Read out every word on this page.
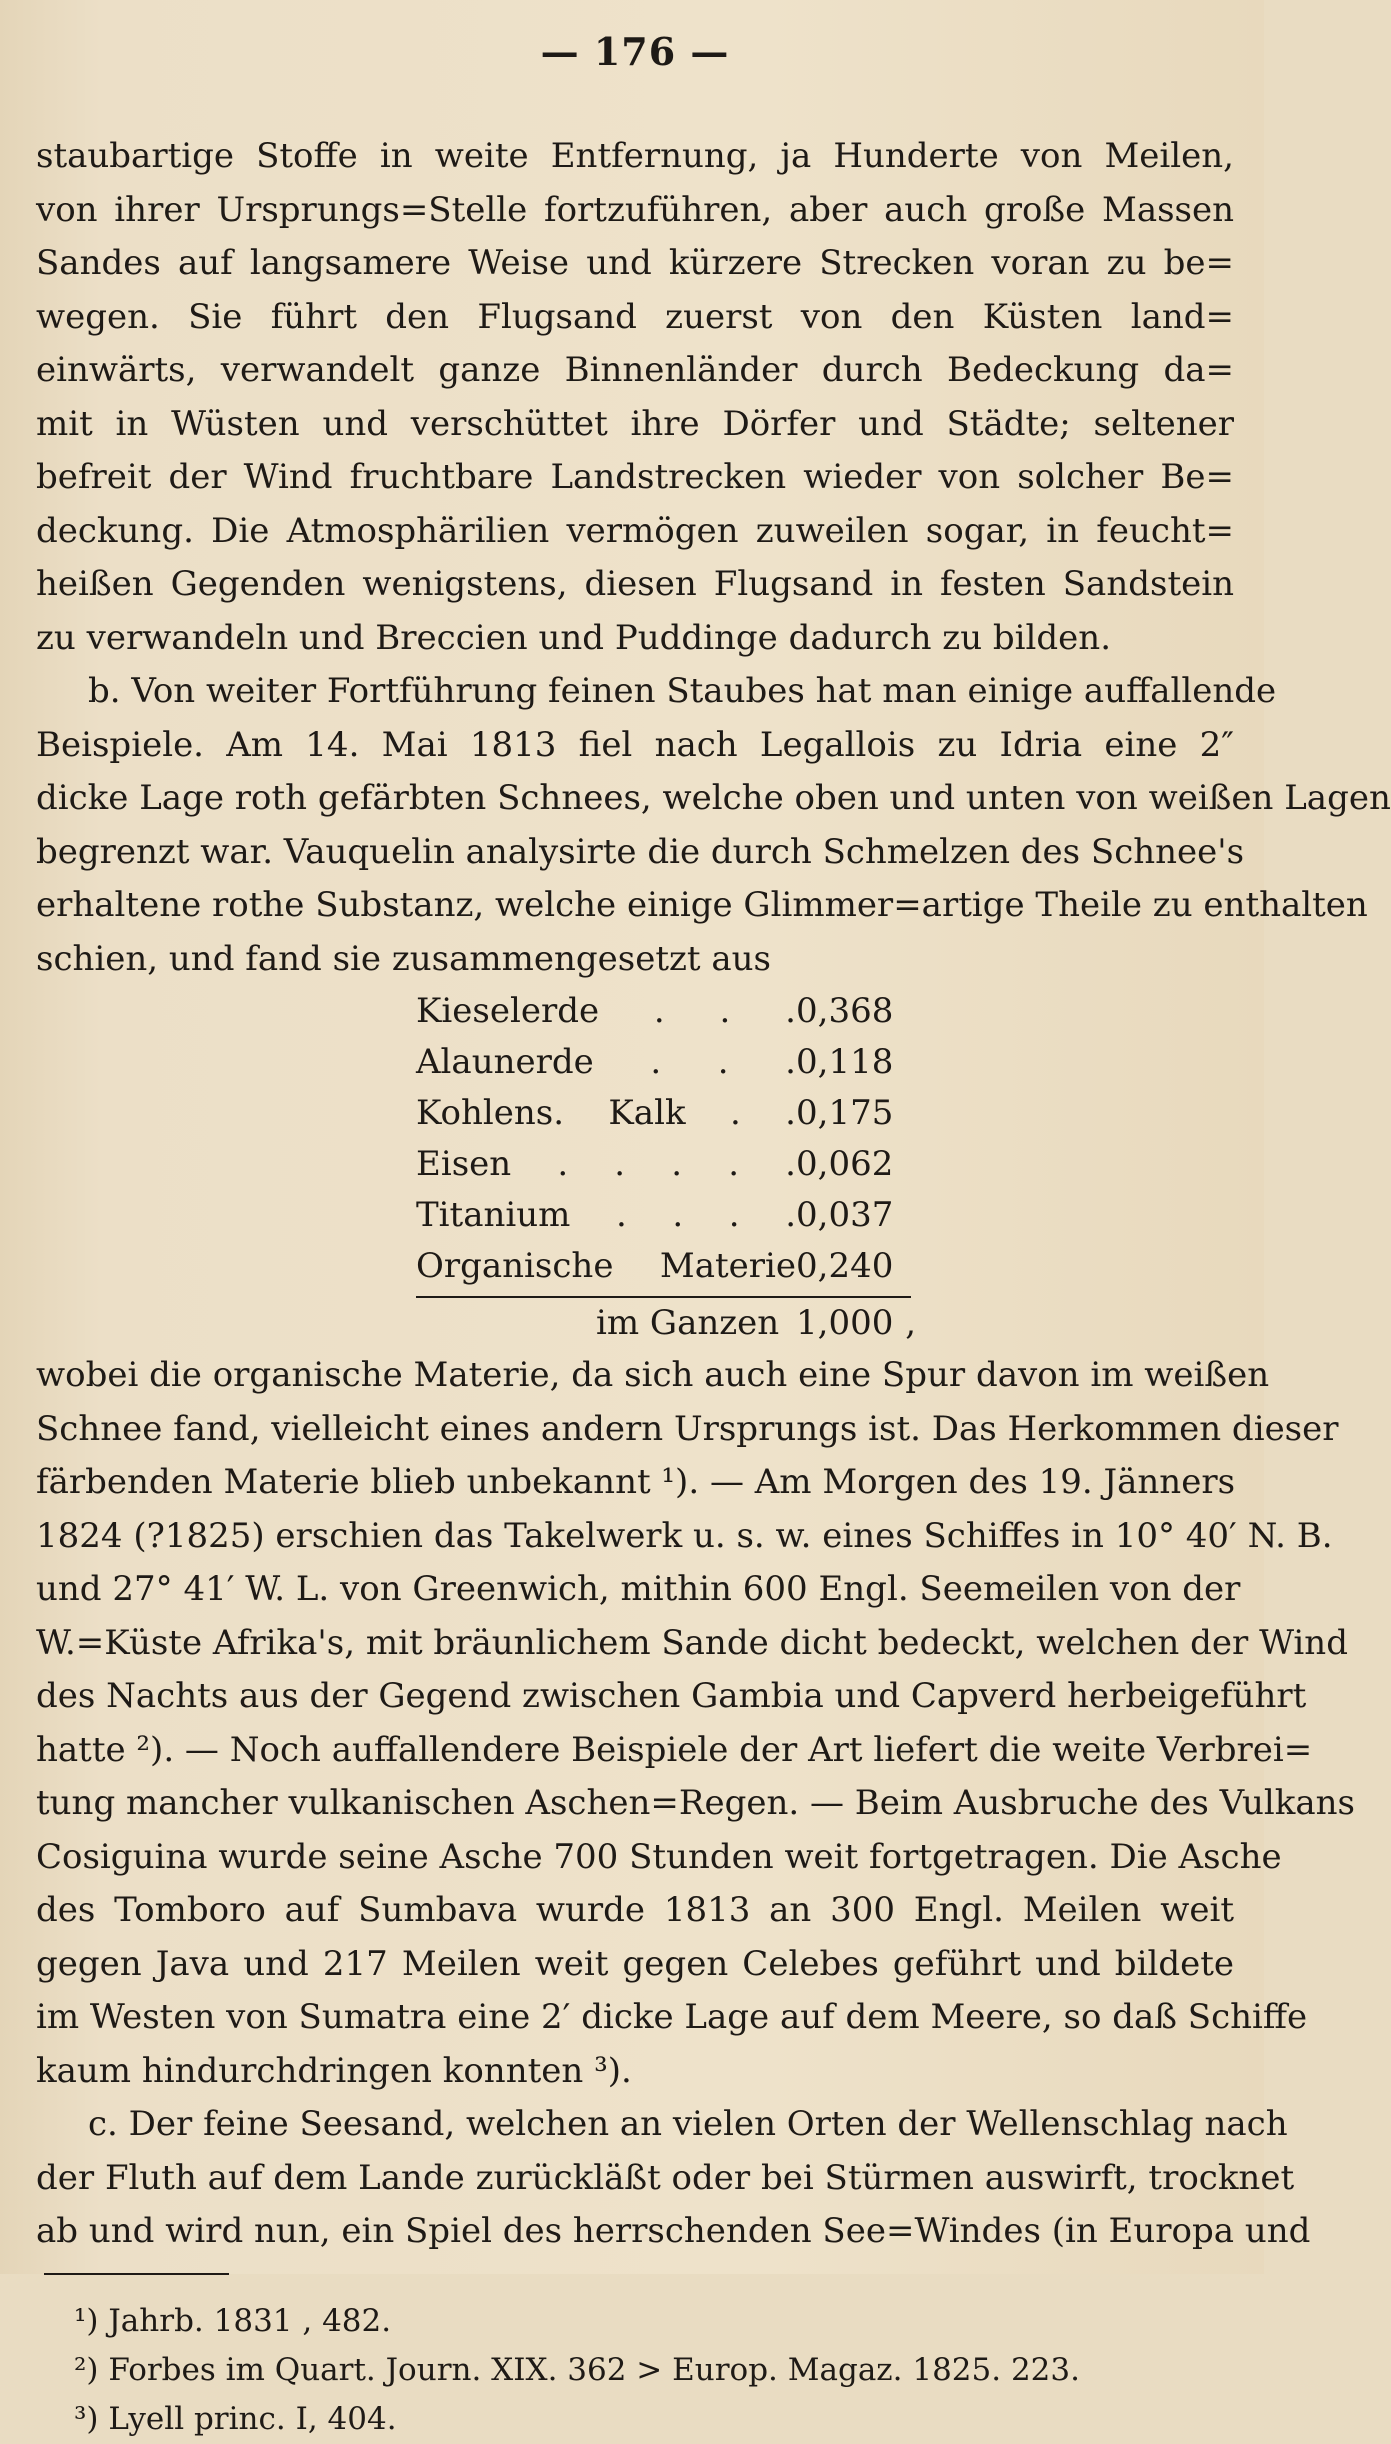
— 176 —
staubartige Stoffe in weite Entfernung, ja Hunderte von Meilen,
von ihrer Ursprungs=Stelle fortzuführen, aber auch große Massen
Sandes auf langsamere Weise und kürzere Strecken voran zu be=
wegen. Sie führt den Flugsand zuerst von den Küsten land=
einwärts, verwandelt ganze Binnenländer durch Bedeckung da=
mit in Wüsten und verschüttet ihre Dörfer und Städte; seltener
befreit der Wind fruchtbare Landstrecken wieder von solcher Be=
deckung. Die Atmosphärilien vermögen zuweilen sogar, in feucht=
heißen Gegenden wenigstens, diesen Flugsand in festen Sandstein
zu verwandeln und Breccien und Puddinge dadurch zu bilden.
b. Von weiter Fortführung feinen Staubes hat man einige auffallende
Beispiele. Am 14. Mai 1813 fiel nach Legallois zu Idria eine 2″
dicke Lage roth gefärbten Schnees, welche oben und unten von weißen Lagen
begrenzt war. Vauquelin analysirte die durch Schmelzen des Schnee's
erhaltene rothe Substanz, welche einige Glimmer=artige Theile zu enthalten
schien, und fand sie zusammengesetzt aus
Kieselerde . . . 0,368
Alaunerde . . . 0,118
Kohlens. Kalk . . 0,175
Eisen . . . . . 0,062
Titanium . . . . 0,037
Organische Materie 0,240
im Ganzen 1,000 ,
wobei die organische Materie, da sich auch eine Spur davon im weißen
Schnee fand, vielleicht eines andern Ursprungs ist. Das Herkommen dieser
färbenden Materie blieb unbekannt ¹). — Am Morgen des 19. Jänners
1824 (?1825) erschien das Takelwerk u. s. w. eines Schiffes in 10° 40′ N. B.
und 27° 41′ W. L. von Greenwich, mithin 600 Engl. Seemeilen von der
W.=Küste Afrika's, mit bräunlichem Sande dicht bedeckt, welchen der Wind
des Nachts aus der Gegend zwischen Gambia und Capverd herbeigeführt
hatte ²). — Noch auffallendere Beispiele der Art liefert die weite Verbrei=
tung mancher vulkanischen Aschen=Regen. — Beim Ausbruche des Vulkans
Cosiguina wurde seine Asche 700 Stunden weit fortgetragen. Die Asche
des Tomboro auf Sumbava wurde 1813 an 300 Engl. Meilen weit
gegen Java und 217 Meilen weit gegen Celebes geführt und bildete
im Westen von Sumatra eine 2′ dicke Lage auf dem Meere, so daß Schiffe
kaum hindurchdringen konnten ³).
c. Der feine Seesand, welchen an vielen Orten der Wellenschlag nach
der Fluth auf dem Lande zurückläßt oder bei Stürmen auswirft, trocknet
ab und wird nun, ein Spiel des herrschenden See=Windes (in Europa und
¹) Jahrb. 1831 , 482.
²) Forbes im Quart. Journ. XIX. 362 > Europ. Magaz. 1825. 223.
³) Lyell princ. I, 404.
